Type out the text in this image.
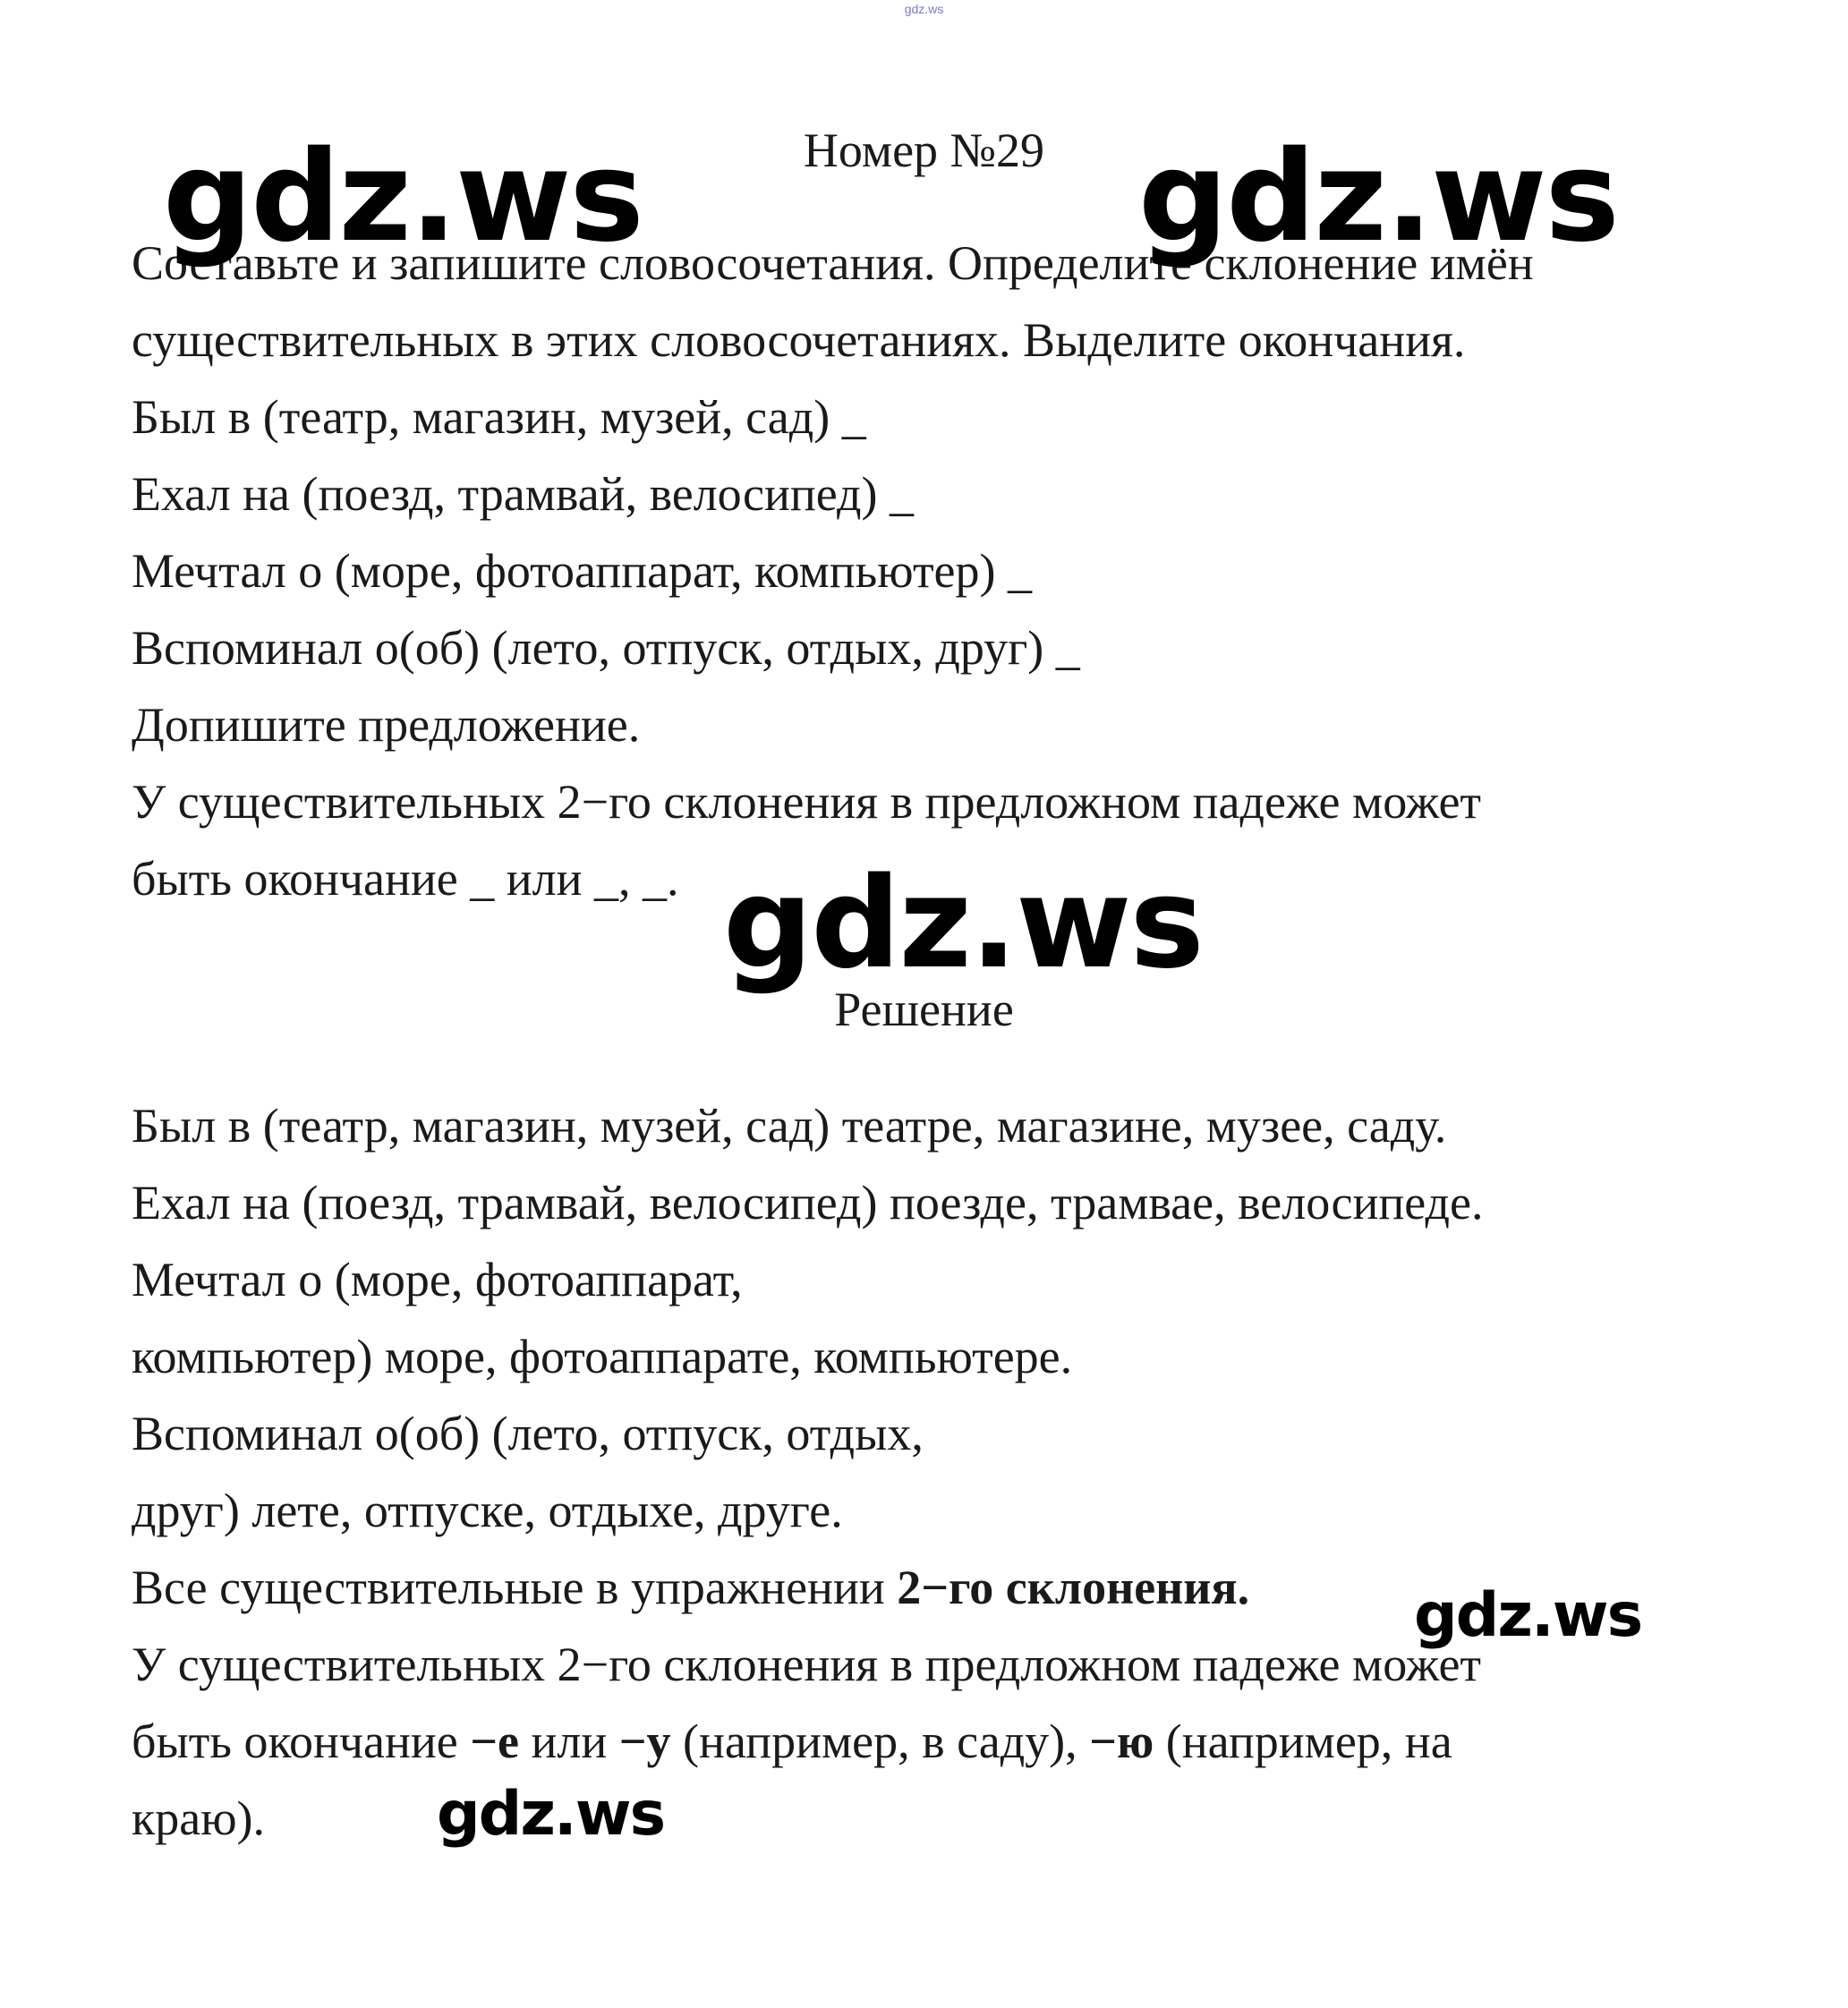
gdz.ws
Номер №29
Составьте и запишите словосочетания. Определите склонение имён
существительных в этих словосочетаниях. Выделите окончания.
Был в (театр, магазин, музей, сад) _
Ехал на (поезд, трамвай, велосипед) _
Мечтал о (море, фотоаппарат, компьютер) _
Вспоминал о(об) (лето, отпуск, отдых, друг) _
Допишите предложение.
У существительных 2−го склонения в предложном падеже может
быть окончание _ или _, _.
Решение
Был в (театр, магазин, музей, сад) театре, магазине, музее, саду.
Ехал на (поезд, трамвай, велосипед) поезде, трамвае, велосипеде.
Мечтал о (море, фотоаппарат,
компьютер) море, фотоаппарате, компьютере.
Вспоминал о(об) (лето, отпуск, отдых,
друг) лете, отпуске, отдыхе, друге.
Все существительные в упражнении 2−го склонения.
У существительных 2−го склонения в предложном падеже может
быть окончание −е или −у (например, в саду), −ю (например, на
краю).
gdz.ws	gdz.ws
gdz.ws
gdz.ws
gdz.ws
